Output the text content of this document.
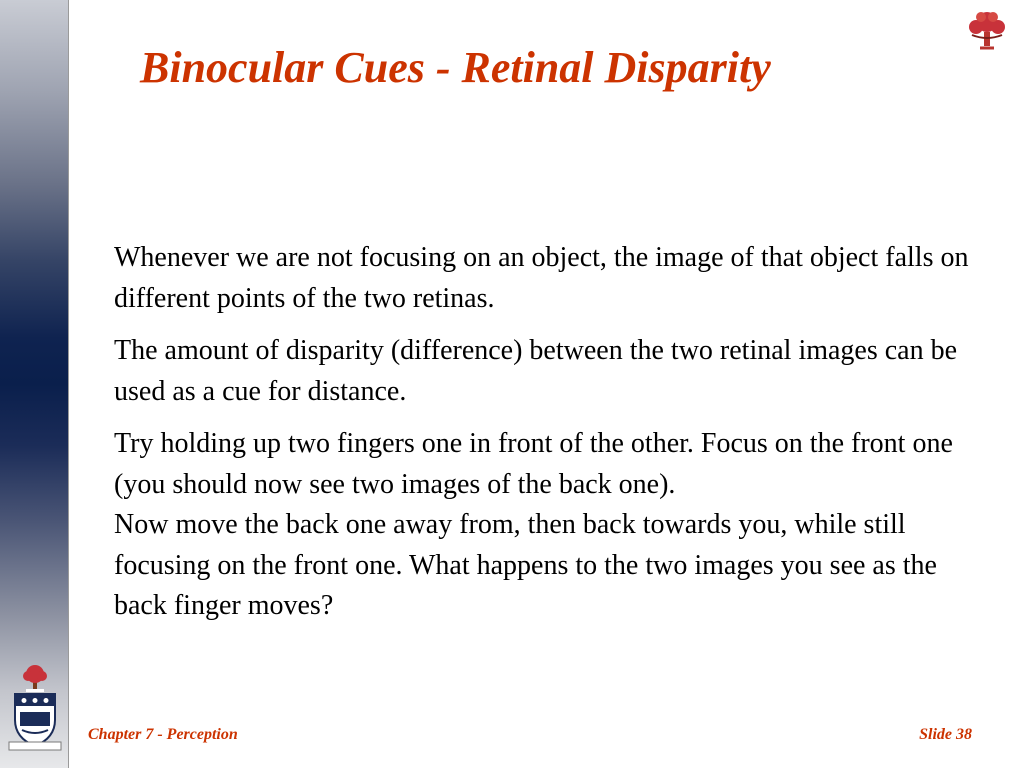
Binocular Cues - Retinal Disparity

Whenever we are not focusing on an object, the image of that object falls on different points of the two retinas.

The amount of disparity (difference) between the two retinal images can be used as a cue for distance.

Try holding up two fingers one in front of the other. Focus on the front one (you should now see two images of the back one).
Now move the back one away from, then back towards you, while still focusing on the front one. What happens to the two images you see as the back finger moves?

Chapter 7 - Perception	Slide 38
